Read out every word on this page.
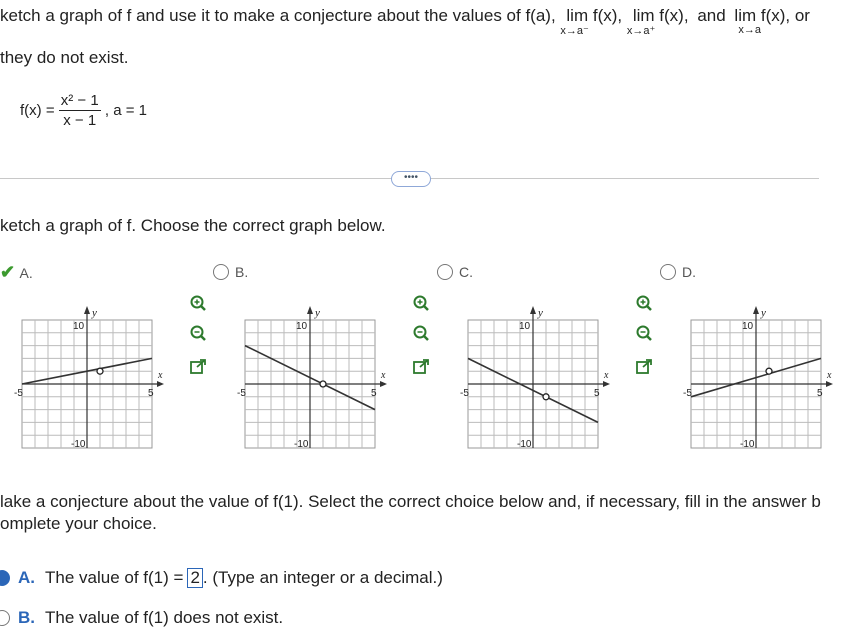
ketch a graph of f and use it to make a conjecture about the values of f(a), lim f(x),
x→a⁻
lim f(x),
x→a⁺
and lim f(x), or
x→a
they do not exist.
$f(x) = \frac{\text{x² − 1}}{x - 1}$ , a = 1
••••
ketch a graph of f. Choose the correct graph below.
✔ A.	B.	C.	D.
y
x
10
-10
-5	5
y
x
10
-10
-5	5
y
x
10
-10
-5	5
y
x
10
-10
-5	5
lake a conjecture about the value of f(1). Select the correct choice below and, if necessary, fill in the answer b
omplete your choice.
A. The value of f(1) = 2 . (Type an integer or a decimal.)
B. The value of f(1) does not exist.
